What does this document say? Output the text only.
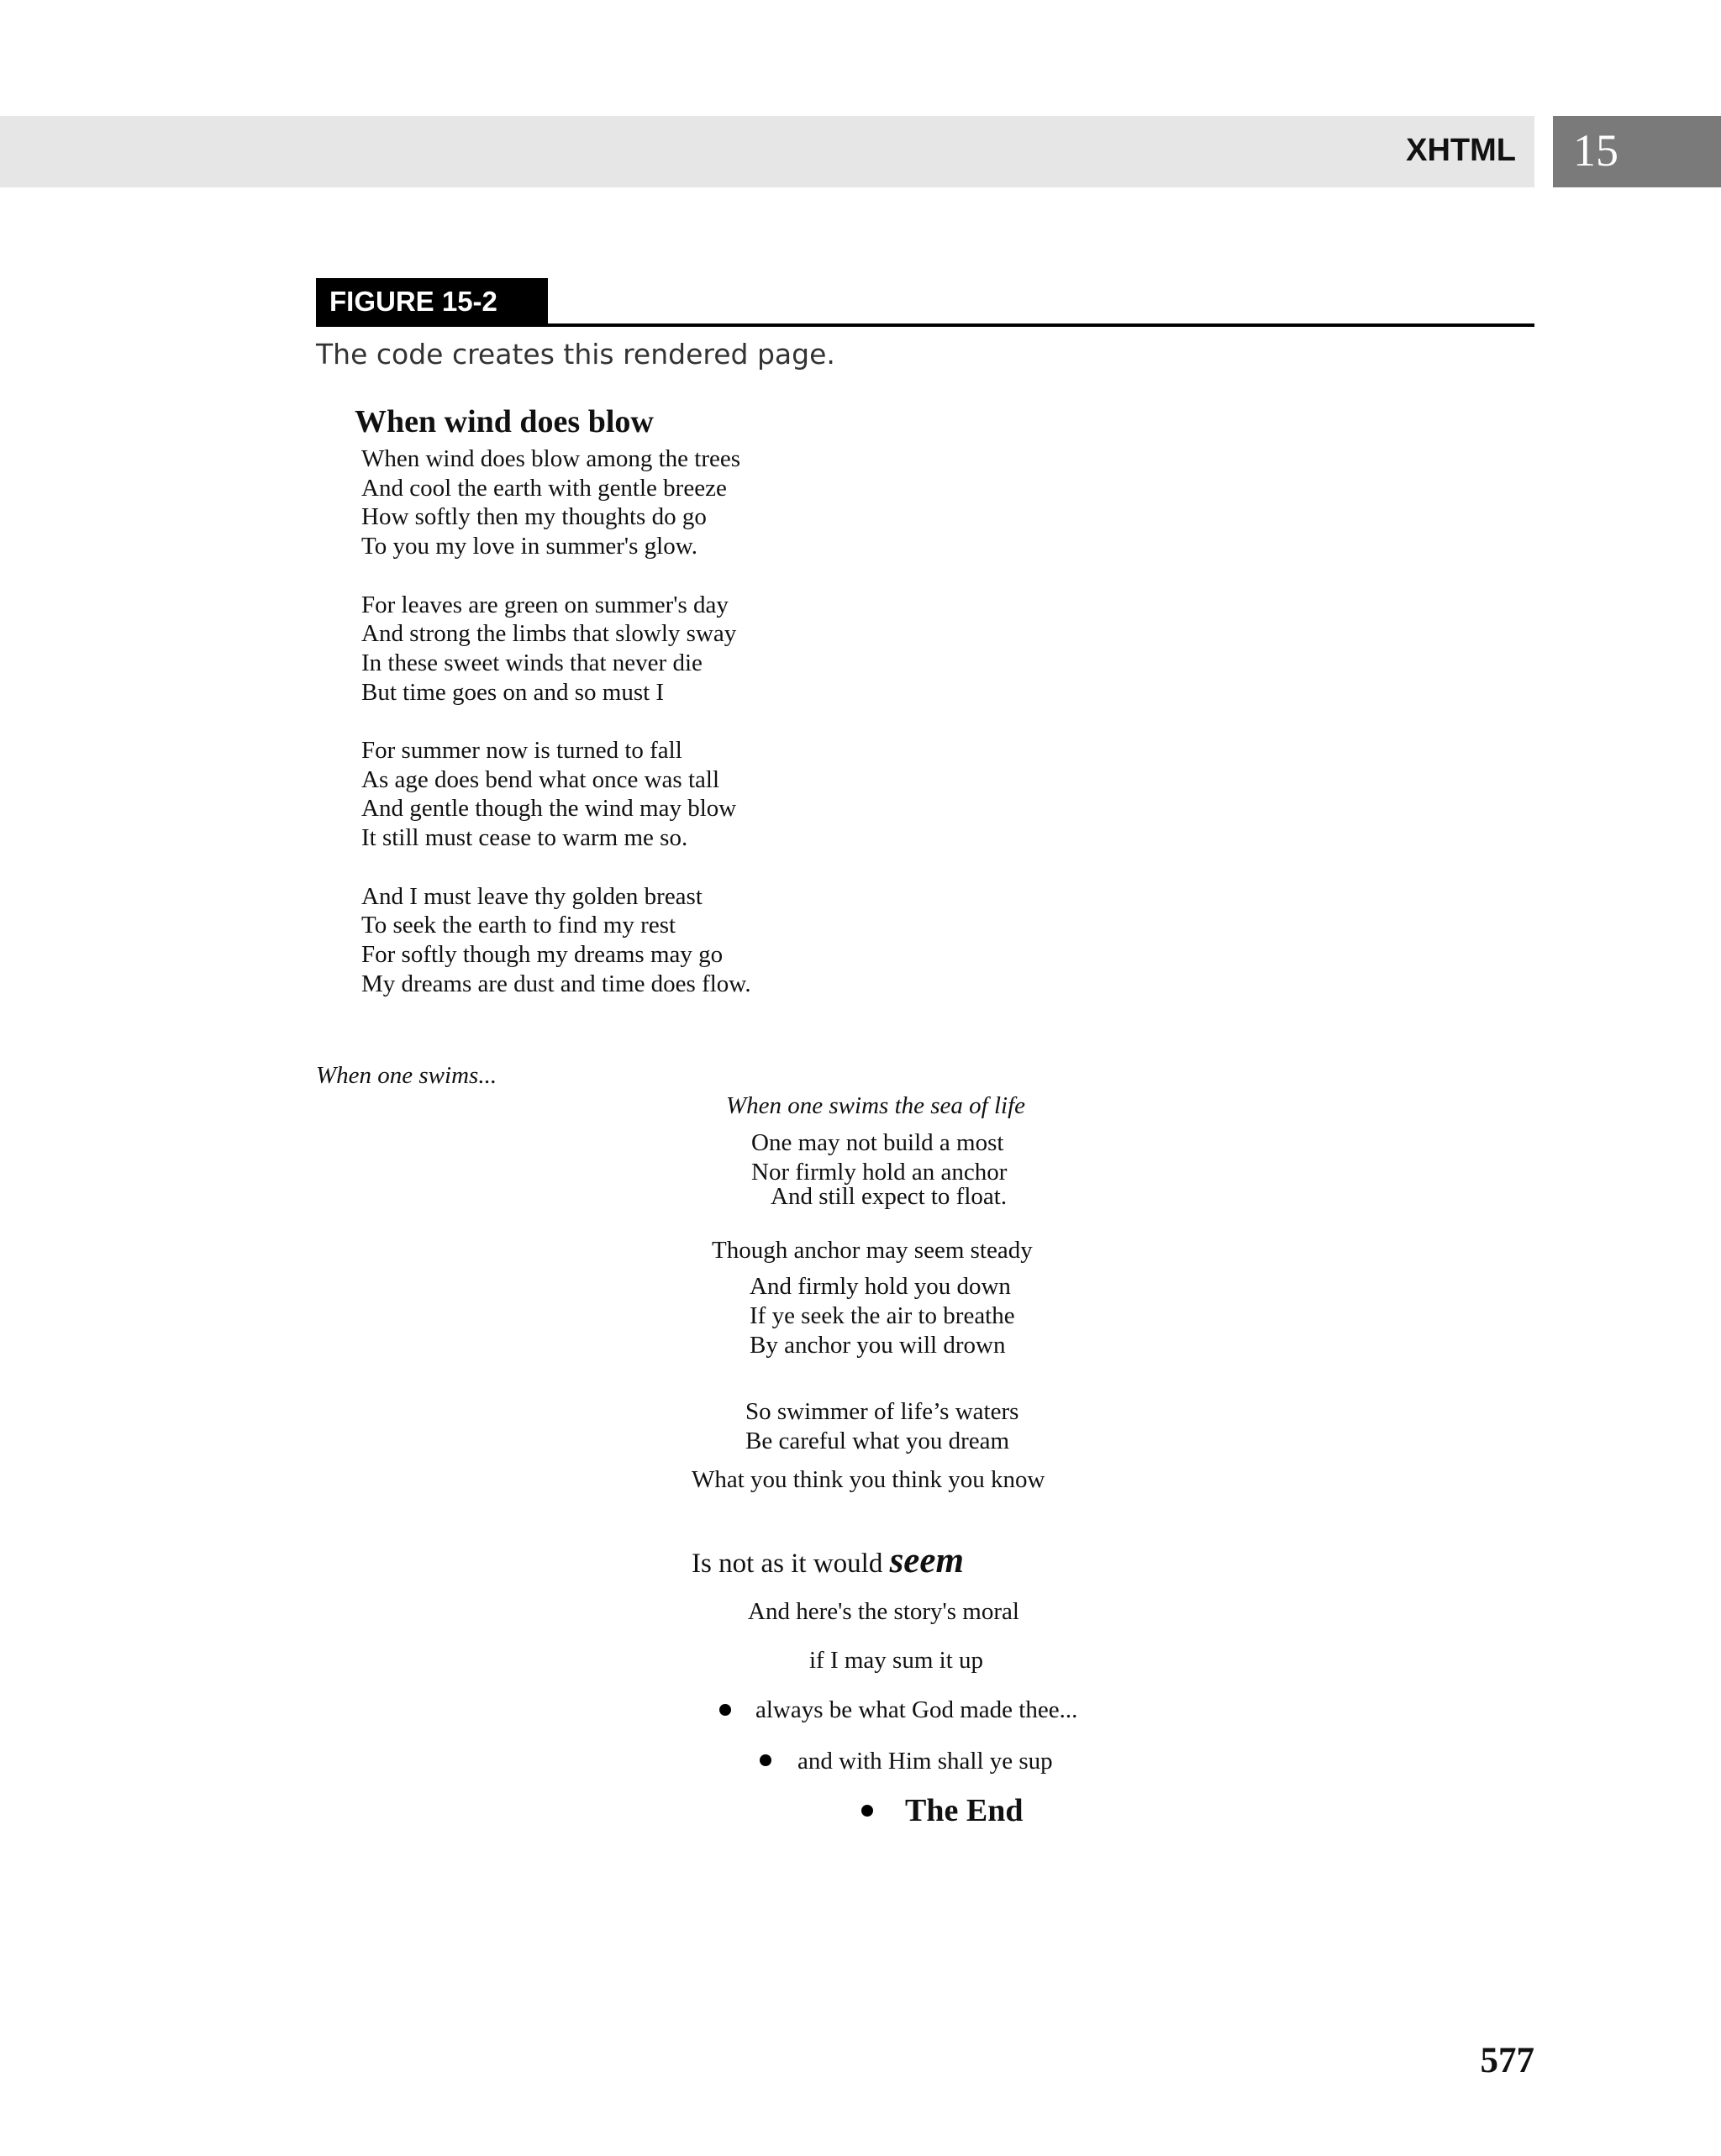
XHTML 15
FIGURE 15-2
The code creates this rendered page.
When wind does blow
When wind does blow among the trees
And cool the earth with gentle breeze
How softly then my thoughts do go
To you my love in summer's glow.
For leaves are green on summer's day
And strong the limbs that slowly sway
In these sweet winds that never die
But time goes on and so must I
For summer now is turned to fall
As age does bend what once was tall
And gentle though the wind may blow
It still must cease to warm me so.
And I must leave thy golden breast
To seek the earth to find my rest
For softly though my dreams may go
My dreams are dust and time does flow.
When one swims...
When one swims the sea of life
One may not build a most
Nor firmly hold an anchor
And still expect to float.
Though anchor may seem steady
And firmly hold you down
If ye seek the air to breathe
By anchor you will drown
So swimmer of life’s waters
Be careful what you dream
What you think you think you know
Is not as it would seem
And here's the story's moral
if I may sum it up
always be what God made thee...
and with Him shall ye sup
The End
577
